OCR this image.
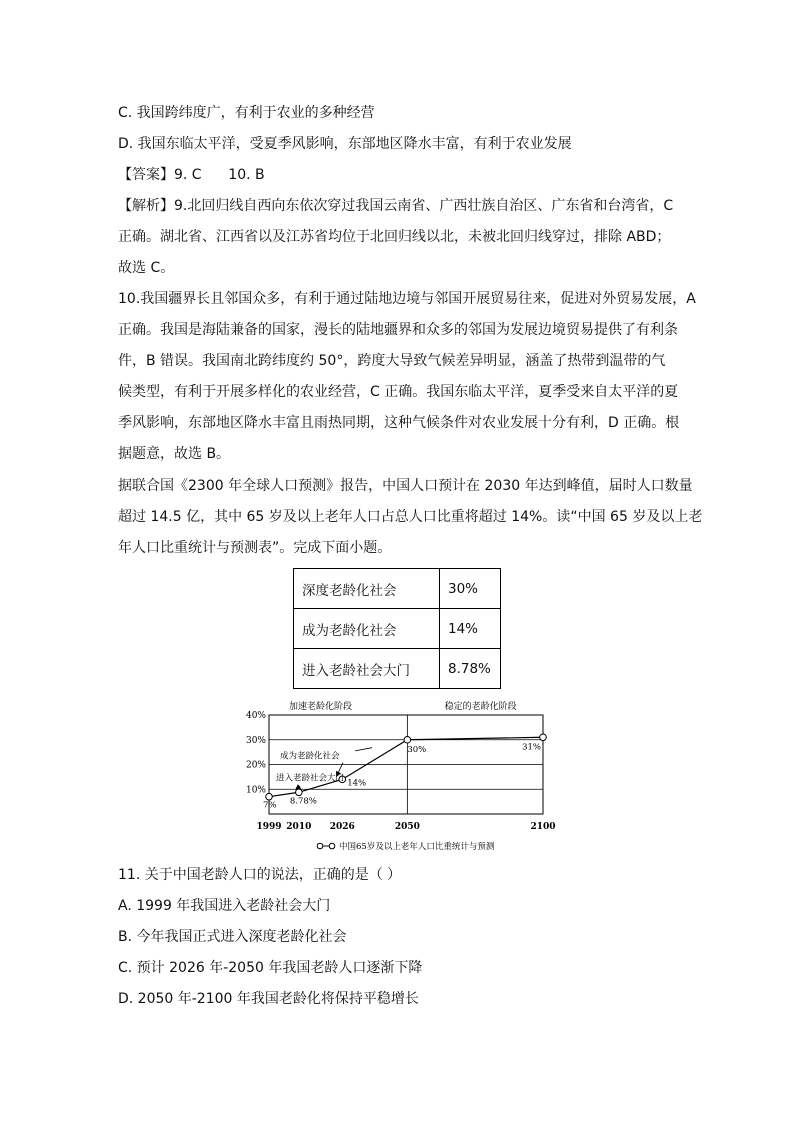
C. 我国跨纬度广，有利于农业的多种经营
D. 我国东临太平洋，受夏季风影响，东部地区降水丰富，有利于农业发展
【答案】9. C      10. B
【解析】9.北回归线自西向东依次穿过我国云南省、广西壮族自治区、广东省和台湾省，C
正确。湖北省、江西省以及江苏省均位于北回归线以北，未被北回归线穿过，排除 ABD；
故选 C。
10.我国疆界长且邻国众多，有利于通过陆地边境与邻国开展贸易往来，促进对外贸易发展，A
正确。我国是海陆兼备的国家，漫长的陆地疆界和众多的邻国为发展边境贸易提供了有利条
件，B 错误。我国南北跨纬度约 50°，跨度大导致气候差异明显，涵盖了热带到温带的气
候类型，有利于开展多样化的农业经营，C 正确。我国东临太平洋，夏季受来自太平洋的夏
季风影响，东部地区降水丰富且雨热同期，这种气候条件对农业发展十分有利，D 正确。根
据题意，故选 B。
据联合国《2300 年全球人口预测》报告，中国人口预计在 2030 年达到峰值，届时人口数量
超过 14.5 亿，其中 65 岁及以上老年人口占总人口比重将超过 14%。读“中国 65 岁及以上老
年人口比重统计与预测表”。完成下面小题。
深度老龄化社会	30%
成为老龄化社会	14%
进入老龄社会大门	8.78%
40%
30%
20%
10%
加速老龄化阶段	稳定的老龄化阶段
1999 2010 2026	2050	2100
7% 8.78%
14%
30%	31%
成为老龄化社会
进入老龄社会大门
中国65岁及以上老年人口比重统计与预测
11. 关于中国老龄人口的说法，正确的是（ ）
A. 1999 年我国进入老龄社会大门
B. 今年我国正式进入深度老龄化社会
C. 预计 2026 年-2050 年我国老龄人口逐渐下降
D. 2050 年-2100 年我国老龄化将保持平稳增长
